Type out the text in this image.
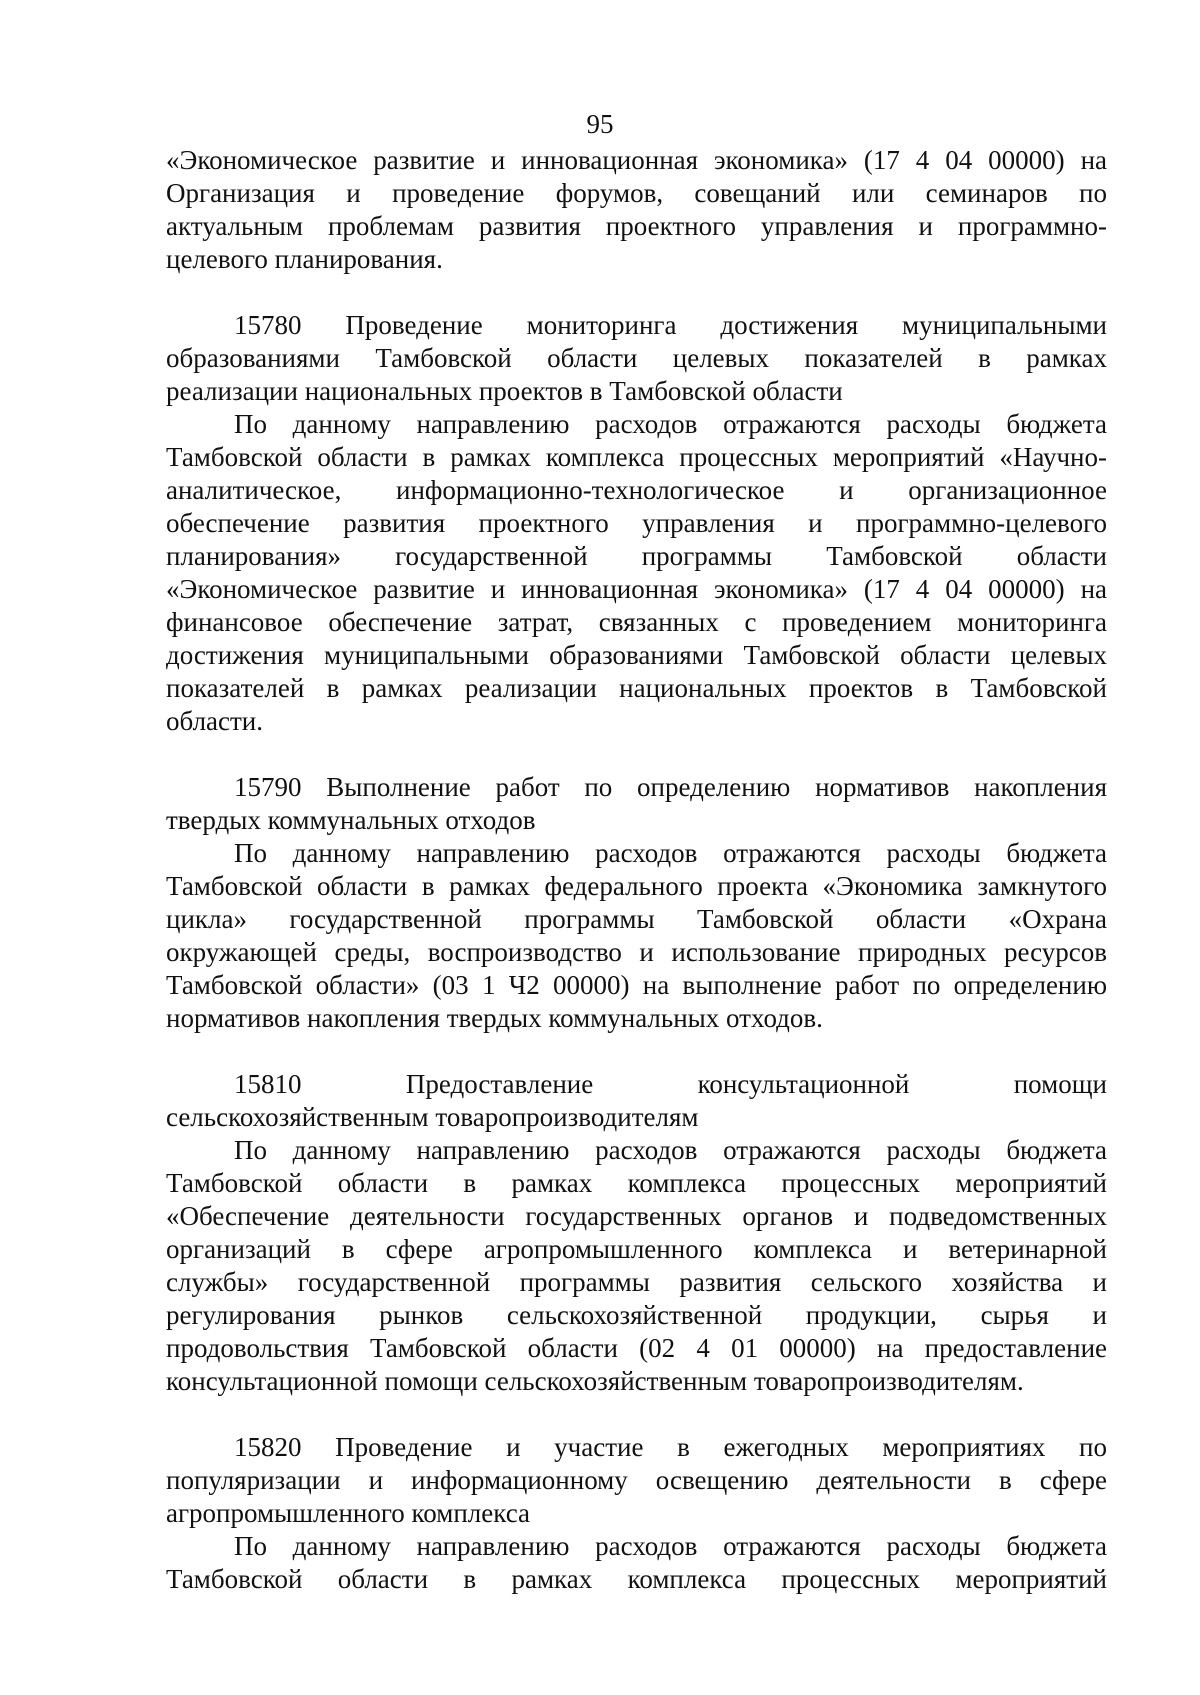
95
«Экономическое развитие и инновационная экономика» (17 4 04 00000) на
Организация и проведение форумов, совещаний или семинаров по
актуальным проблемам развития проектного управления и программно-
целевого планирования.
15780 Проведение мониторинга достижения муниципальными
образованиями Тамбовской области целевых показателей в рамках
реализации национальных проектов в Тамбовской области
По данному направлению расходов отражаются расходы бюджета
Тамбовской области в рамках комплекса процессных мероприятий «Научно-
аналитическое, информационно-технологическое и организационное
обеспечение развития проектного управления и программно-целевого
планирования» государственной программы Тамбовской области
«Экономическое развитие и инновационная экономика» (17 4 04 00000) на
финансовое обеспечение затрат, связанных с проведением мониторинга
достижения муниципальными образованиями Тамбовской области целевых
показателей в рамках реализации национальных проектов в Тамбовской
области.
15790 Выполнение работ по определению нормативов накопления
твердых коммунальных отходов
По данному направлению расходов отражаются расходы бюджета
Тамбовской области в рамках федерального проекта «Экономика замкнутого
цикла» государственной программы Тамбовской области «Охрана
окружающей среды, воспроизводство и использование природных ресурсов
Тамбовской области» (03 1 Ч2 00000) на выполнение работ по определению
нормативов накопления твердых коммунальных отходов.
15810 Предоставление консультационной помощи
сельскохозяйственным товаропроизводителям
По данному направлению расходов отражаются расходы бюджета
Тамбовской области в рамках комплекса процессных мероприятий
«Обеспечение деятельности государственных органов и подведомственных
организаций в сфере агропромышленного комплекса и ветеринарной
службы» государственной программы развития сельского хозяйства и
регулирования рынков сельскохозяйственной продукции, сырья и
продовольствия Тамбовской области (02 4 01 00000) на предоставление
консультационной помощи сельскохозяйственным товаропроизводителям.
15820 Проведение и участие в ежегодных мероприятиях по
популяризации и информационному освещению деятельности в сфере
агропромышленного комплекса
По данному направлению расходов отражаются расходы бюджета
Тамбовской области в рамках комплекса процессных мероприятий
